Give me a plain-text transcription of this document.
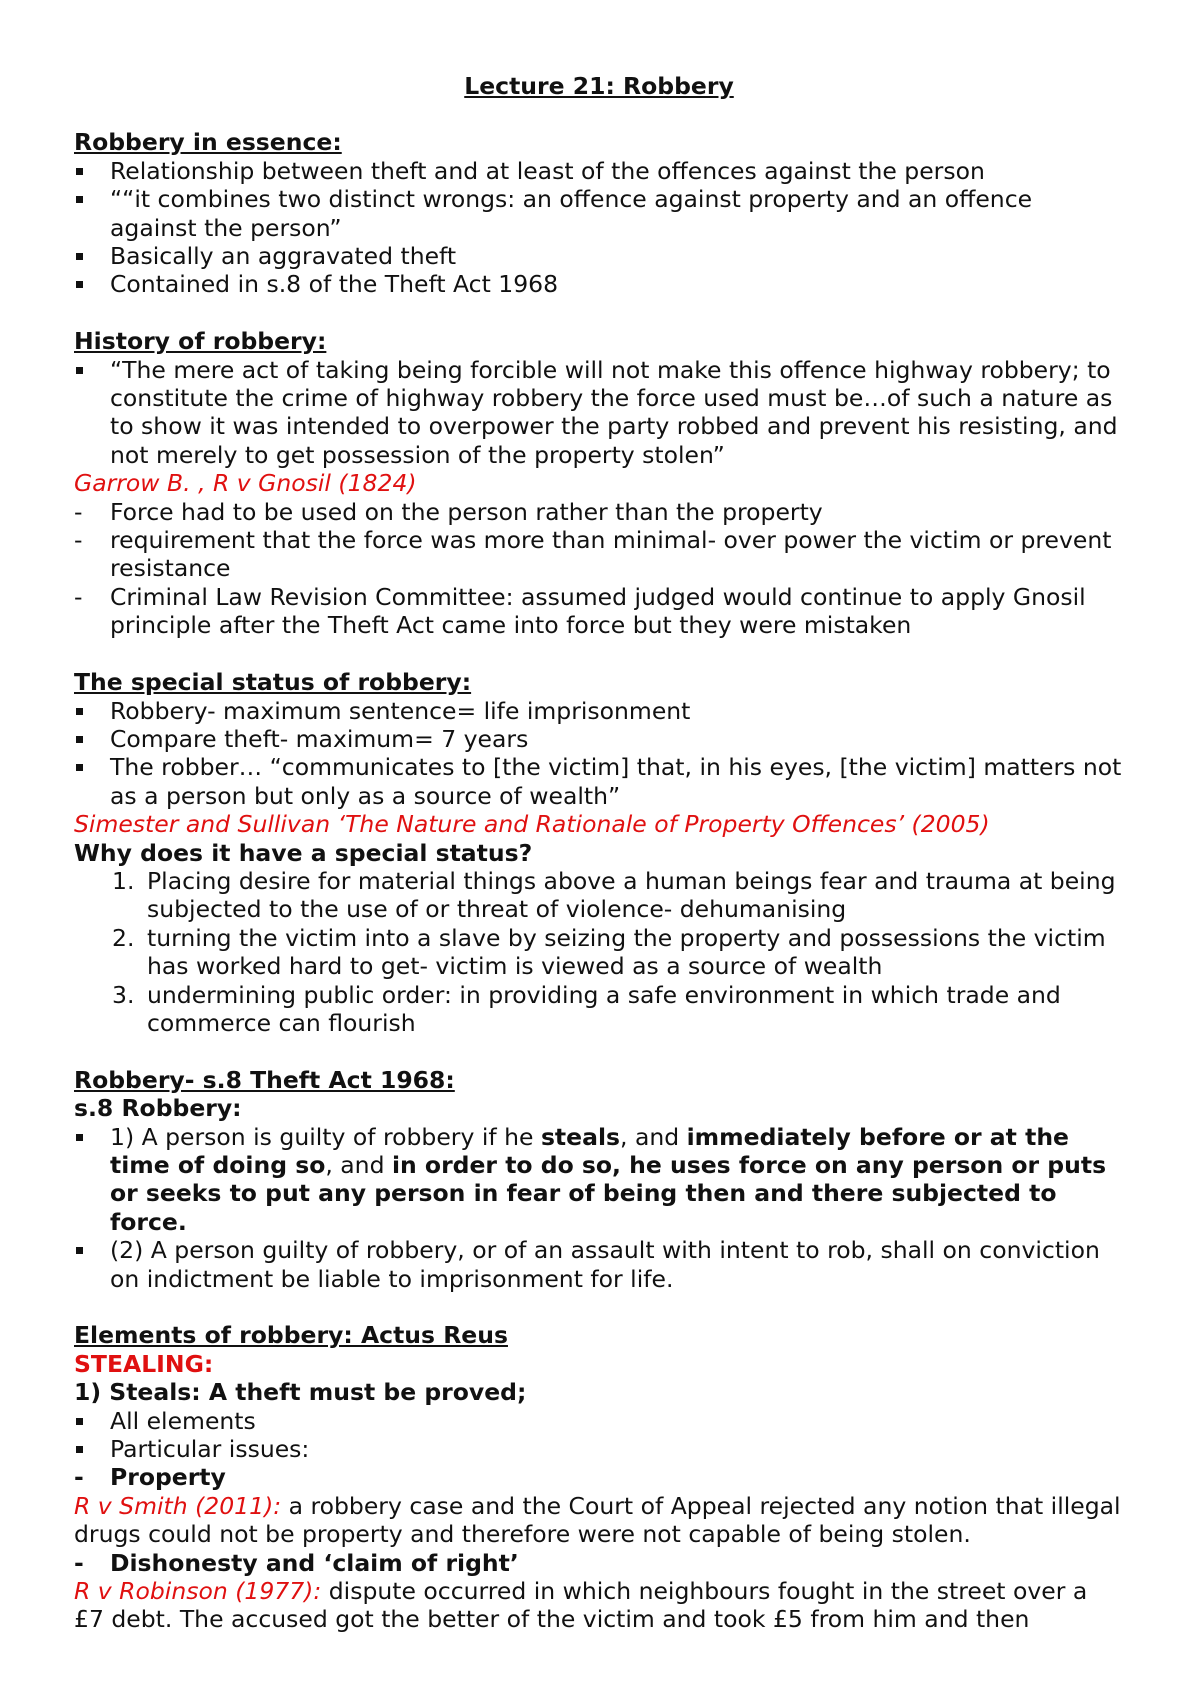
Lecture 21: Robbery

Robbery in essence:

Relationship between theft and at least of the offences against the person
““it combines two distinct wrongs: an offence against property and an offence against the person”
Basically an aggravated theft
Contained in s.8 of the Theft Act 1968

History of robbery:

“The mere act of taking being forcible will not make this offence highway robbery; to constitute the crime of highway robbery the force used must be…of such a nature as to show it was intended to overpower the party robbed and prevent his resisting, and not merely to get possession of the property stolen”

Garrow B. , R v Gnosil (1824)

-	Force had to be used on the person rather than the property
-	requirement that the force was more than minimal- over power the victim or prevent resistance
-	Criminal Law Revision Committee: assumed judged would continue to apply Gnosil principle after the Theft Act came into force but they were mistaken

The special status of robbery:

Robbery- maximum sentence= life imprisonment
Compare theft- maximum= 7 years
The robber… “communicates to [the victim] that, in his eyes, [the victim] matters not as a person but only as a source of wealth”

Simester and Sullivan ‘The Nature and Rationale of Property Offences’ (2005)

Why does it have a special status?

1. Placing desire for material things above a human beings fear and trauma at being subjected to the use of or threat of violence- dehumanising
2. turning the victim into a slave by seizing the property and possessions the victim has worked hard to get- victim is viewed as a source of wealth
3. undermining public order: in providing a safe environment in which trade and commerce can flourish

Robbery- s.8 Theft Act 1968:

s.8 Robbery:

1) A person is guilty of robbery if he steals, and immediately before or at the time of doing so, and in order to do so, he uses force on any person or puts or seeks to put any person in fear of being then and there subjected to force.
(2) A person guilty of robbery, or of an assault with intent to rob, shall on conviction on indictment be liable to imprisonment for life.

Elements of robbery: Actus Reus

STEALING:

1) Steals: A theft must be proved;

All elements
Particular issues:
-	Property

R v Smith (2011): a robbery case and the Court of Appeal rejected any notion that illegal drugs could not be property and therefore were not capable of being stolen.

-	Dishonesty and ‘claim of right’

R v Robinson (1977): dispute occurred in which neighbours fought in the street over a £7 debt. The accused got the better of the victim and took £5 from him and then
